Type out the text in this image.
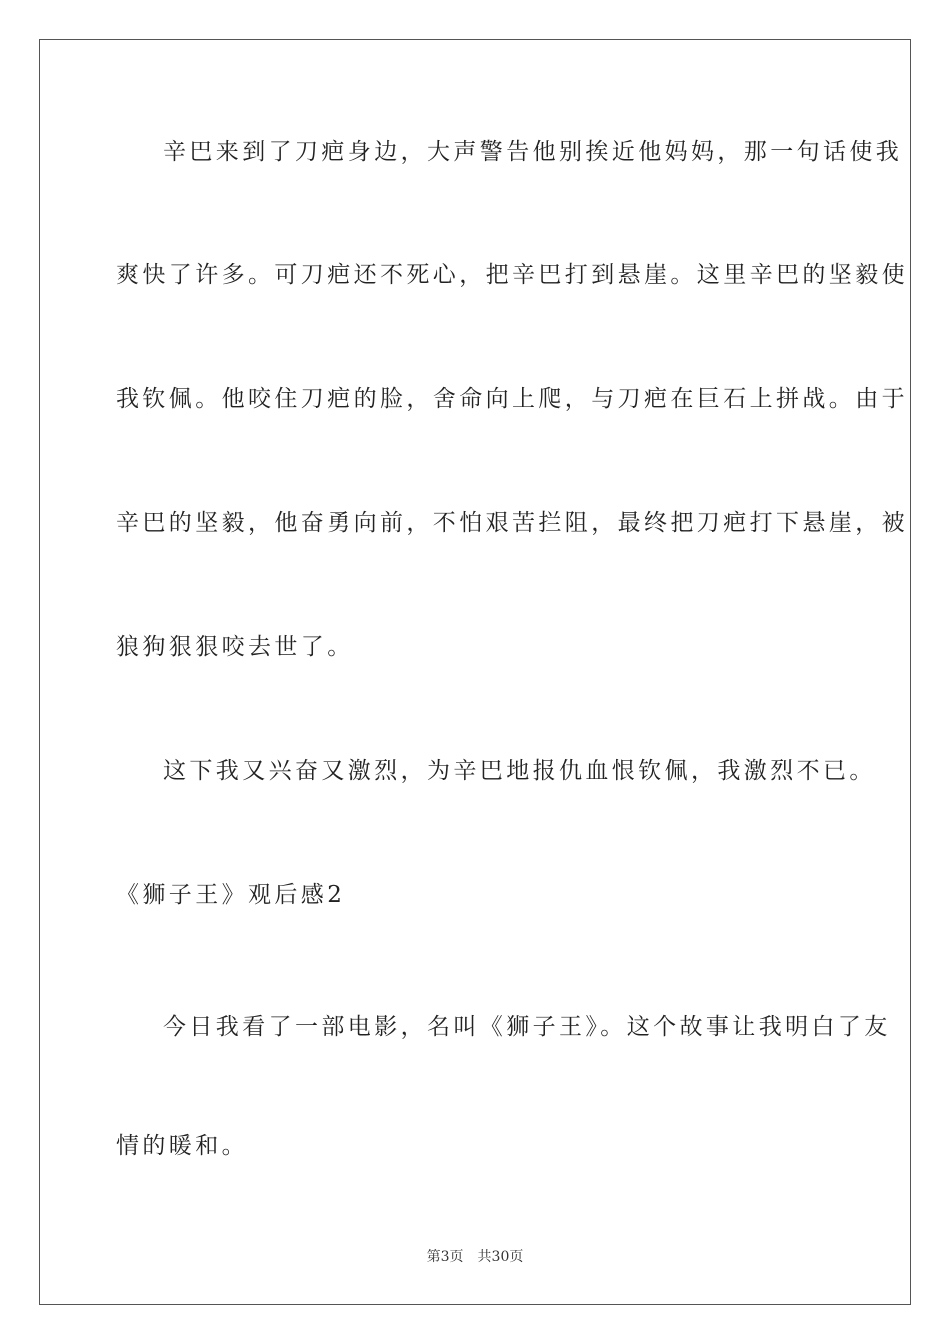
辛巴来到了刀疤身边，大声警告他别挨近他妈妈，那一句话使我

爽快了许多。可刀疤还不死心，把辛巴打到悬崖。这里辛巴的坚毅使

我钦佩。他咬住刀疤的脸，舍命向上爬，与刀疤在巨石上拼战。由于

辛巴的坚毅，他奋勇向前，不怕艰苦拦阻，最终把刀疤打下悬崖，被

狼狗狠狠咬去世了。

这下我又兴奋又激烈，为辛巴地报仇血恨钦佩，我激烈不已。

《狮子王》观后感2

今日我看了一部电影，名叫《狮子王》。这个故事让我明白了友

情的暖和。

第3页 共30页
